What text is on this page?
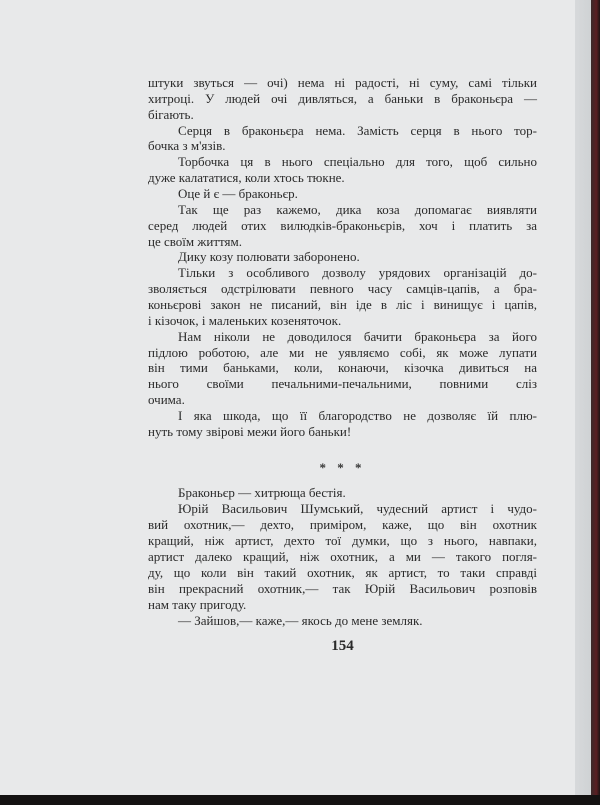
штуки звуться — очі) нема ні радості, ні суму, самі тільки
хитроці. У людей очі дивляться, а баньки в браконьєра —
бігають.
Серця в браконьєра нема. Замість серця в нього тор-
бочка з м'язів.
Торбочка ця в нього спеціально для того, щоб сильно
дуже калататися, коли хтось тюкне.
Оце й є — браконьєр.
Так ще раз кажемо, дика коза допомагає виявляти
серед людей отих вилюдків-браконьєрів, хоч і платить за
це своїм життям.
Дику козу полювати заборонено.
Тільки з особливого дозволу урядових організацій до-
зволяється одстрілювати певного часу самців-цапів, а бра-
коньєрові закон не писаний, він іде в ліс і винищує і цапів,
і кізочок, і маленьких козеняточок.
Нам ніколи не доводилося бачити браконьєра за його
підлою роботою, але ми не уявляємо собі, як може лупати
він тими баньками, коли, конаючи, кізочка дивиться на
нього своїми печальними-печальними, повними сліз
очима.
І яка шкода, що її благородство не дозволяє їй плю-
нуть тому звірові межи його баньки!
* * *
Браконьєр — хитрюща бестія.
Юрій Васильович Шумський, чудесний артист і чудо-
вий охотник,— дехто, приміром, каже, що він охотник
кращий, ніж артист, дехто тої думки, що з нього, навпаки,
артист далеко кращий, ніж охотник, а ми — такого погля-
ду, що коли він такий охотник, як артист, то таки справді
він прекрасний охотник,— так Юрій Васильович розповів
нам таку пригоду.
— Зайшов,— каже,— якось до мене земляк.
154
